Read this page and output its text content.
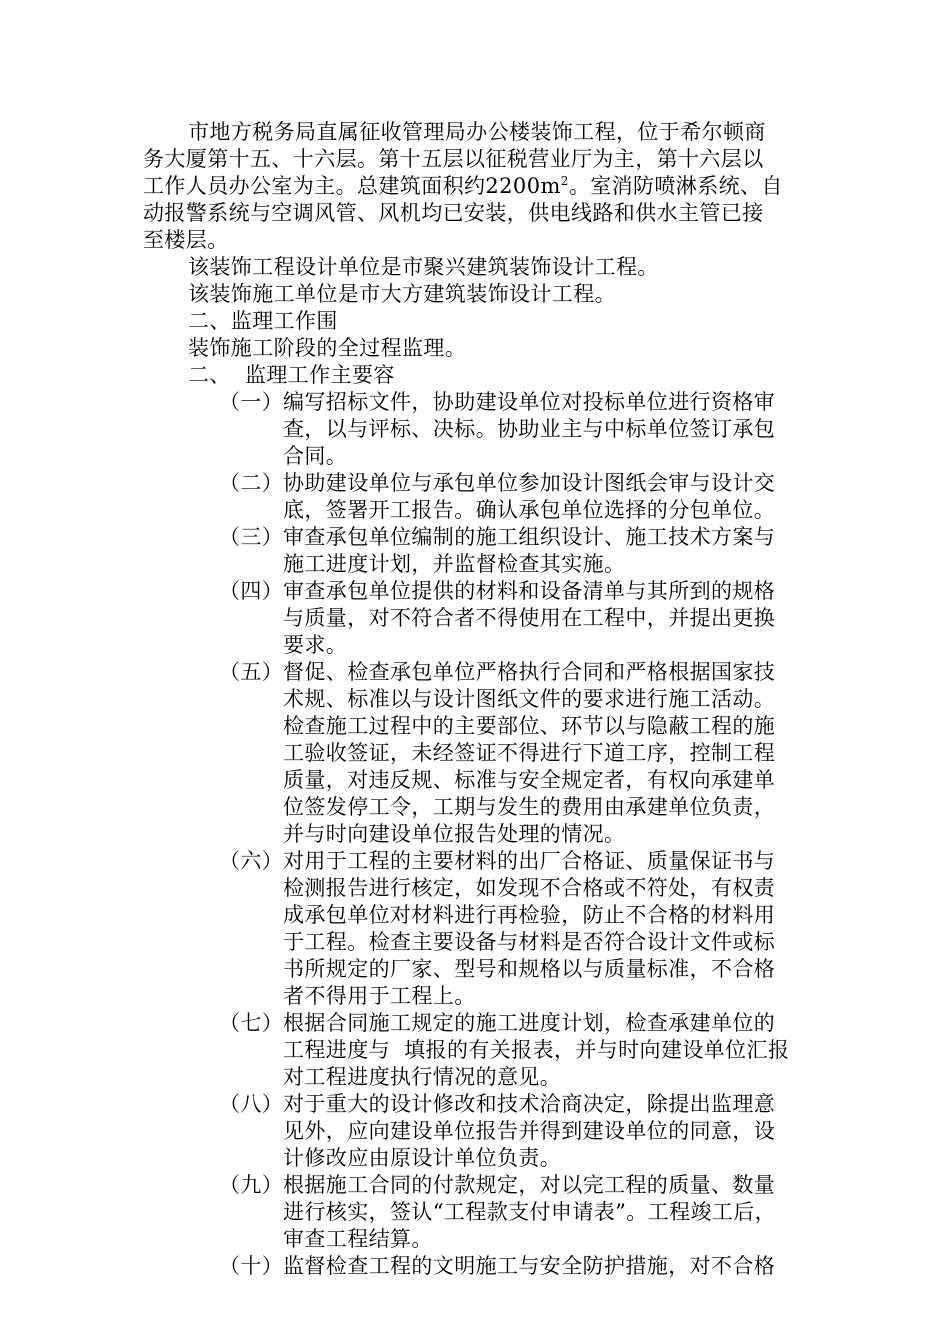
市地方税务局直属征收管理局办公楼装饰工程，位于希尔顿商
务大厦第十五、十六层。第十五层以征税营业厅为主，第十六层以
工作人员办公室为主。总建筑面积约$2200m^2$。室消防喷淋系统、自
动报警系统与空调风管、风机均已安装，供电线路和供水主管已接
至楼层。
该装饰工程设计单位是市聚兴建筑装饰设计工程。
该装饰施工单位是市大方建筑装饰设计工程。
二、监理工作围
装饰施工阶段的全过程监理。
二、  监理工作主要容
（一） 编写招标文件，协助建设单位对投标单位进行资格审
查，以与评标、决标。协助业主与中标单位签订承包
合同。
（二） 协助建设单位与承包单位参加设计图纸会审与设计交
底，签署开工报告。确认承包单位选择的分包单位。
（三） 审查承包单位编制的施工组织设计、施工技术方案与
施工进度计划，并监督检查其实施。
（四） 审查承包单位提供的材料和设备清单与其所到的规格
与质量，对不符合者不得使用在工程中，并提出更换
要求。
（五） 督促、检查承包单位严格执行合同和严格根据国家技
术规、标准以与设计图纸文件的要求进行施工活动。
检查施工过程中的主要部位、环节以与隐蔽工程的施
工验收签证，未经签证不得进行下道工序，控制工程
质量，对违反规、标准与安全规定者，有权向承建单
位签发停工令，工期与发生的费用由承建单位负责，
并与时向建设单位报告处理的情况。
（六） 对用于工程的主要材料的出厂合格证、质量保证书与
检测报告进行核定，如发现不合格或不符处，有权责
成承包单位对材料进行再检验，防止不合格的材料用
于工程。检查主要设备与材料是否符合设计文件或标
书所规定的厂家、型号和规格以与质量标准，不合格
者不得用于工程上。
（七） 根据合同施工规定的施工进度计划，检查承建单位的
工程进度与  填报的有关报表，并与时向建设单位汇报
对工程进度执行情况的意见。
（八） 对于重大的设计修改和技术洽商决定，除提出监理意
见外，应向建设单位报告并得到建设单位的同意，设
计修改应由原设计单位负责。
（九） 根据施工合同的付款规定，对以完工程的质量、数量
进行核实，签认“工程款支付申请表”。工程竣工后，
审查工程结算。
（十） 监督检查工程的文明施工与安全防护措施，对不合格
